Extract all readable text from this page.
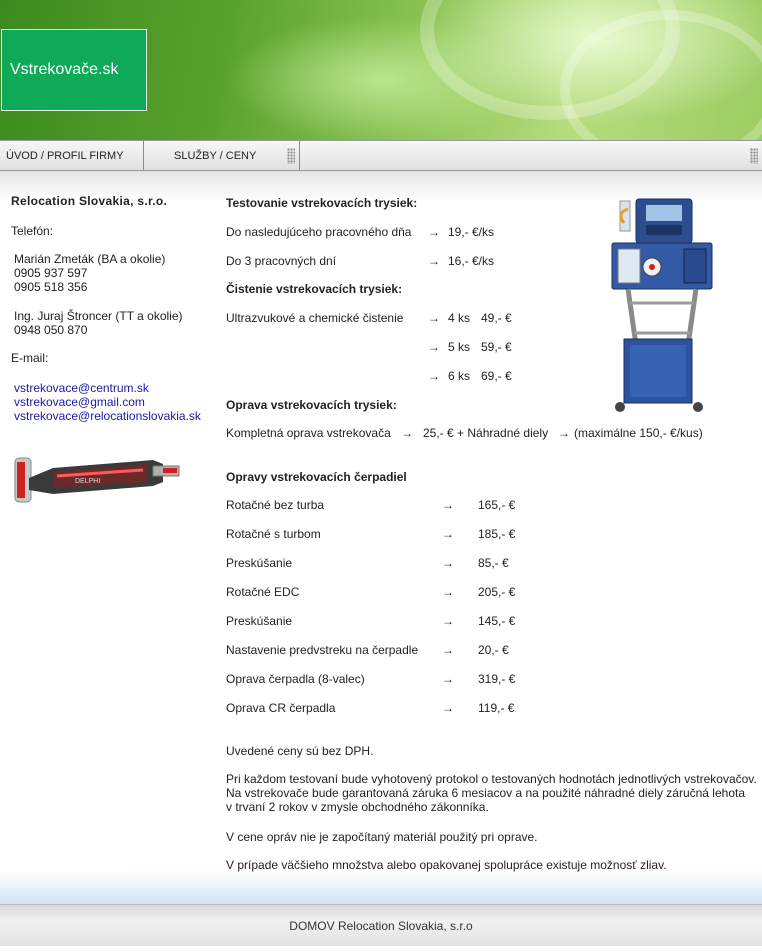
Vstrekovače.sk
ÚVOD / PROFIL FIRMY	SLUŽBY / CENY
Relocation Slovakia, s.r.o.
Telefón:
Marián Zmeták (BA a okolie)
0905 937 597
0905 518 356
Ing. Juraj Štroncer (TT a okolie)
0948 050 870
E-mail:
vstrekovace@centrum.sk
vstrekovace@gmail.com
vstrekovace@relocationslovakia.sk
DELPHI
Testovanie vstrekovacích trysiek:
Do nasledujúceho pracovného dňa → 19,- €/ks
Do 3 pracovných dní	→ 16,- €/ks
Čistenie vstrekovacích trysiek:
Ultrazvukové a chemické čistenie → 4 ks 49,- €
→ 5 ks 59,- €
→ 6 ks 69,- €
Oprava vstrekovacích trysiek:
Kompletná oprava vstrekovača → 25,- € + Náhradné diely → (maximálne 150,- €/kus)
Opravy vstrekovacích čerpadiel
Rotačné bez turba	→ 165,- €
Rotačné s turbom	→ 185,- €
Preskúšanie	→ 85,- €
Rotačné EDC	→ 205,- €
Preskúšanie	→ 145,- €
Nastavenie predvstreku na čerpadle → 20,- €
Oprava čerpadla (8-valec)	→ 319,- €
Oprava CR čerpadla	→ 119,- €
Uvedené ceny sú bez DPH.
Pri každom testovaní bude vyhotovený protokol o testovaných hodnotách jednotlivých vstrekovačov.
Na vstrekovače bude garantovaná záruka 6 mesiacov a na použité náhradné diely záručná lehota
v trvaní 2 rokov v zmysle obchodného zákonníka.
V cene opráv nie je započítaný materiál použitý pri oprave.
V prípade väčšieho množstva alebo opakovanej spolupráce existuje možnosť zliav.
DOMOV Relocation Slovakia, s.r.o
